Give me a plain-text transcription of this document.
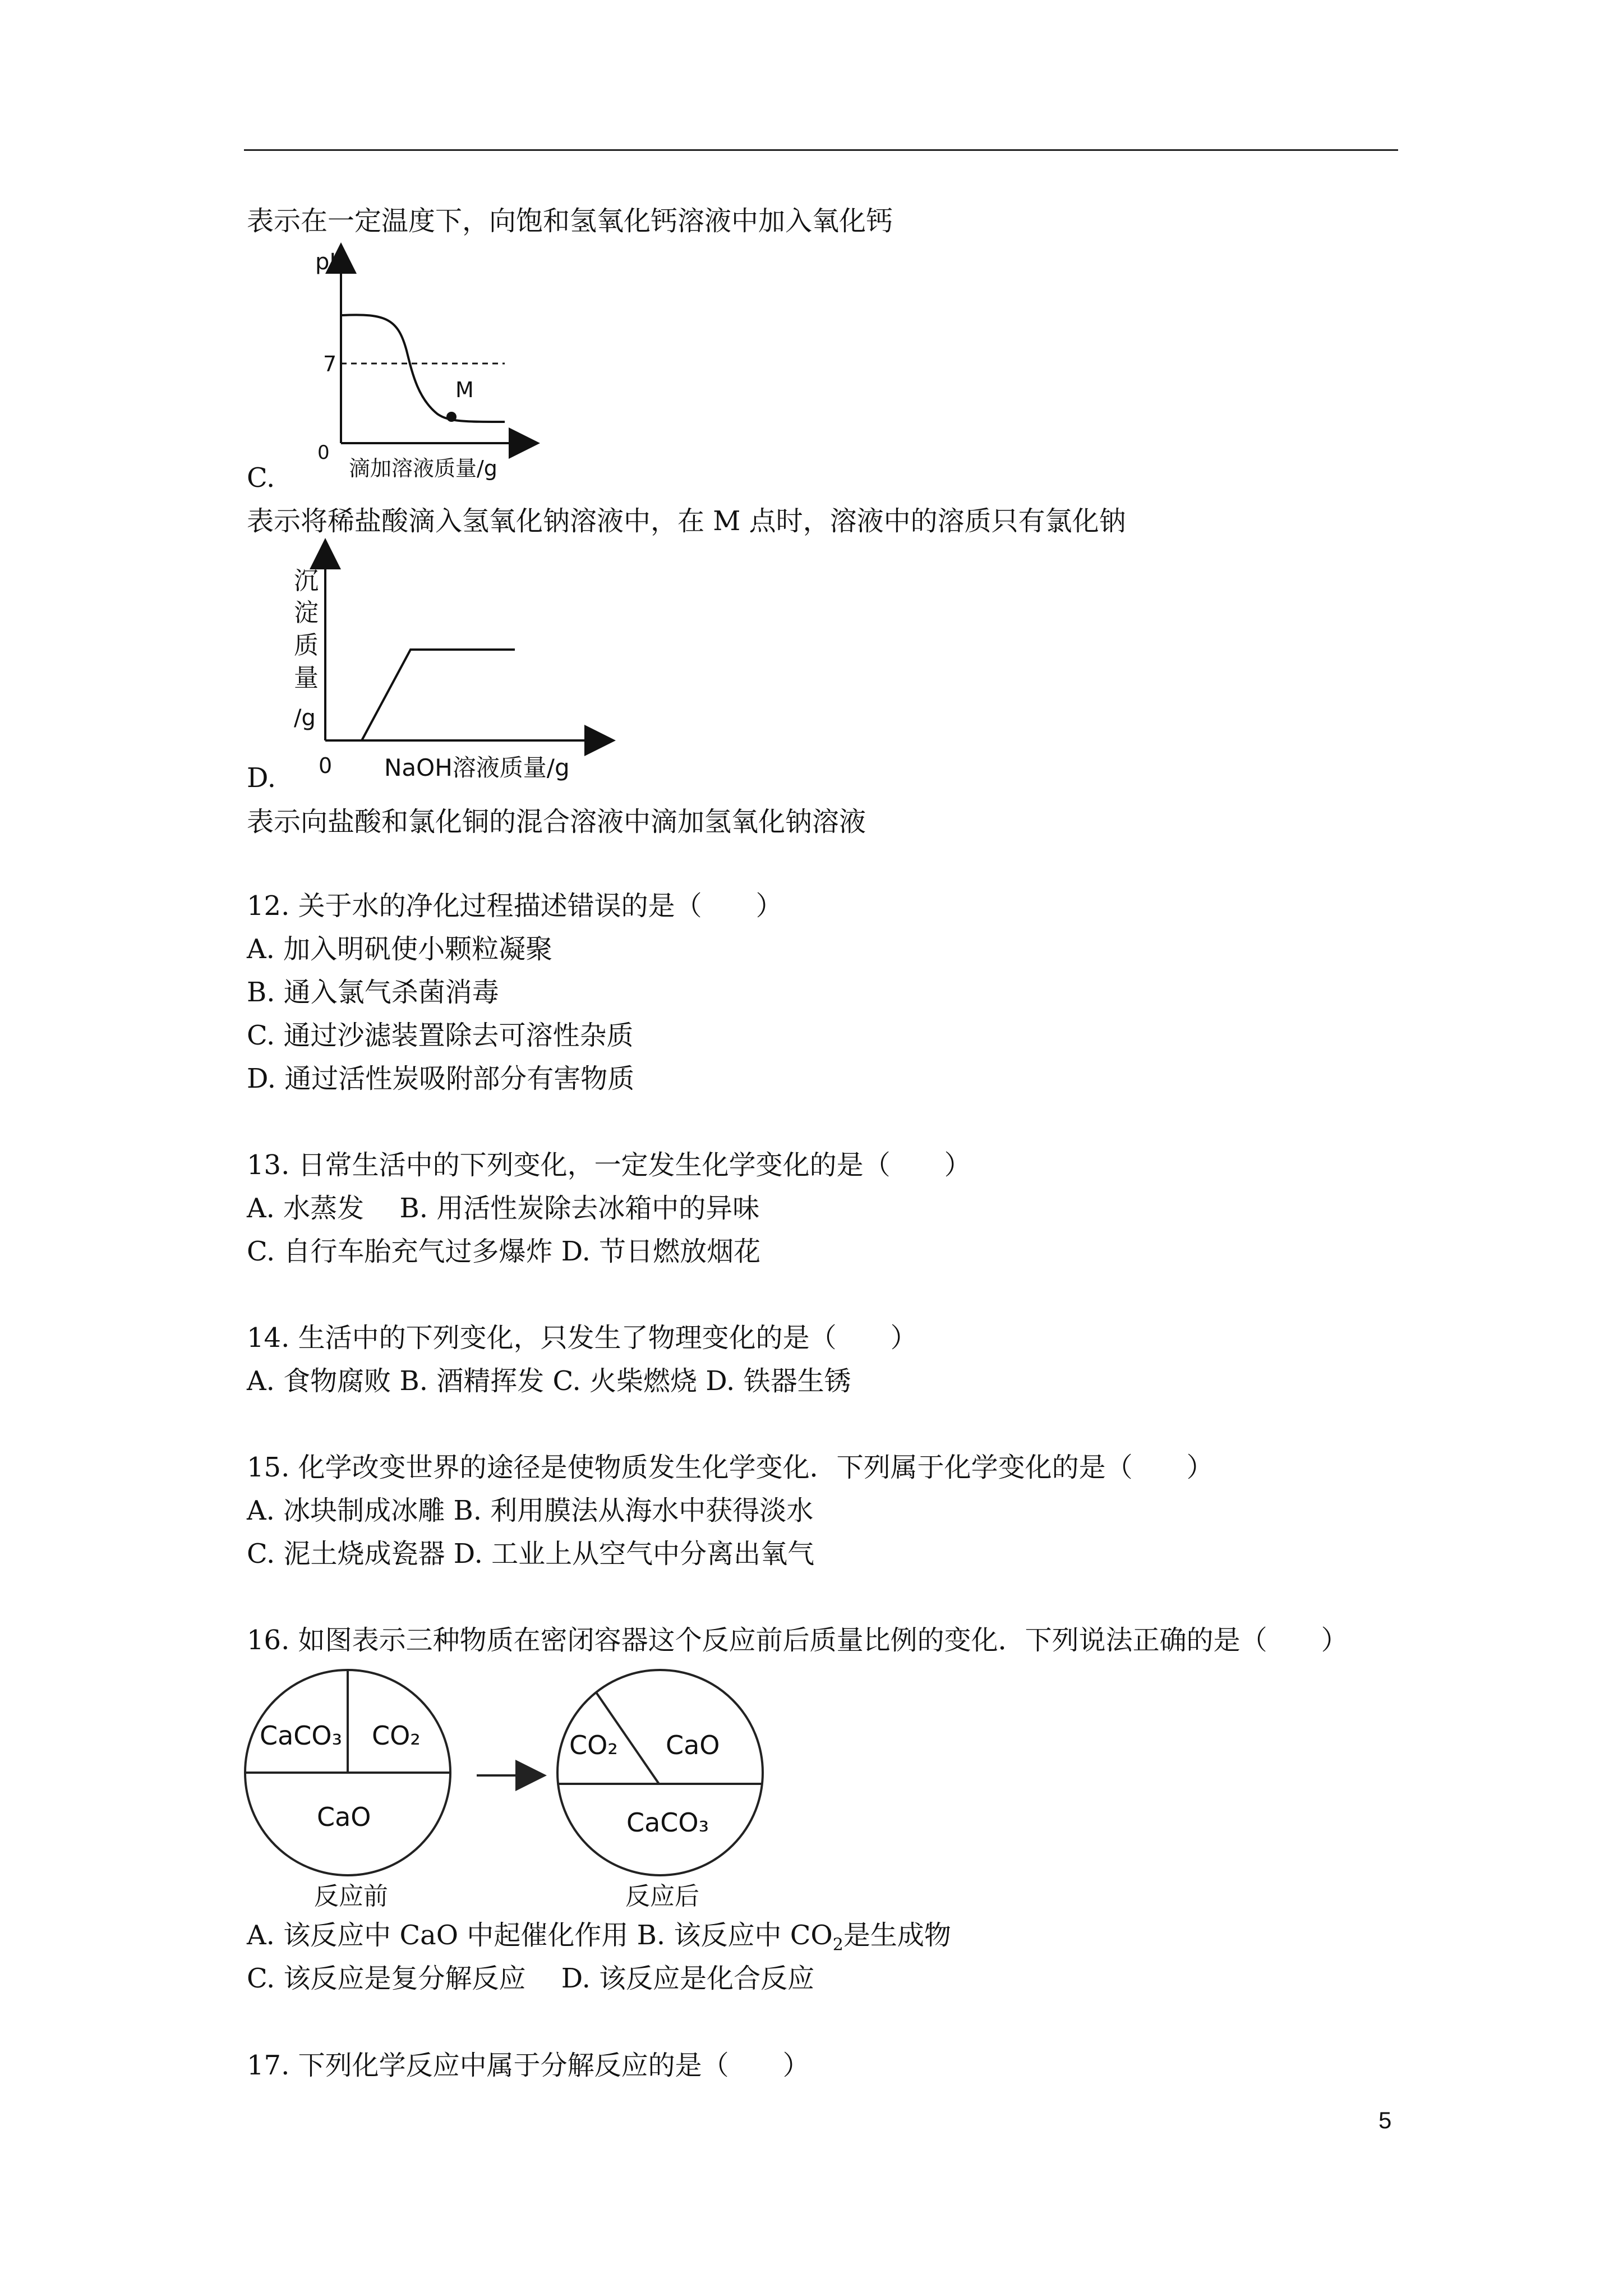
表示在一定温度下，向饱和氢氧化钙溶液中加入氧化钙

pH
7
M
0
滴加溶液质量/g
C.

表示将稀盐酸滴入氢氧化钠溶液中，在 M 点时，溶液中的溶质只有氯化钠

沉
淀
质
量
/g
0 NaOH溶液质量/g
D.

表示向盐酸和氯化铜的混合溶液中滴加氢氧化钠溶液

12. 关于水的净化过程描述错误的是（　　）

A. 加入明矾使小颗粒凝聚

B. 通入氯气杀菌消毒

C. 通过沙滤装置除去可溶性杂质

D. 通过活性炭吸附部分有害物质

13. 日常生活中的下列变化，一定发生化学变化的是（　　）

A. 水蒸发　 B. 用活性炭除去冰箱中的异味

C. 自行车胎充气过多爆炸 D. 节日燃放烟花

14. 生活中的下列变化，只发生了物理变化的是（　　）

A. 食物腐败 B. 酒精挥发 C. 火柴燃烧 D. 铁器生锈

15. 化学改变世界的途径是使物质发生化学变化．下列属于化学变化的是（　　）

A. 冰块制成冰雕 B. 利用膜法从海水中获得淡水

C. 泥土烧成瓷器 D. 工业上从空气中分离出氧气

16. 如图表示三种物质在密闭容器这个反应前后质量比例的变化．下列说法正确的是（　　）

CaCO₃ CO₂
CaO
CO₂ CaO
CaCO₃
反应前	反应后

A. 该反应中 CaO 中起催化作用 B. 该反应中 $CO_2$是生成物

C. 该反应是复分解反应　 D. 该反应是化合反应

17. 下列化学反应中属于分解反应的是（　　）

5
